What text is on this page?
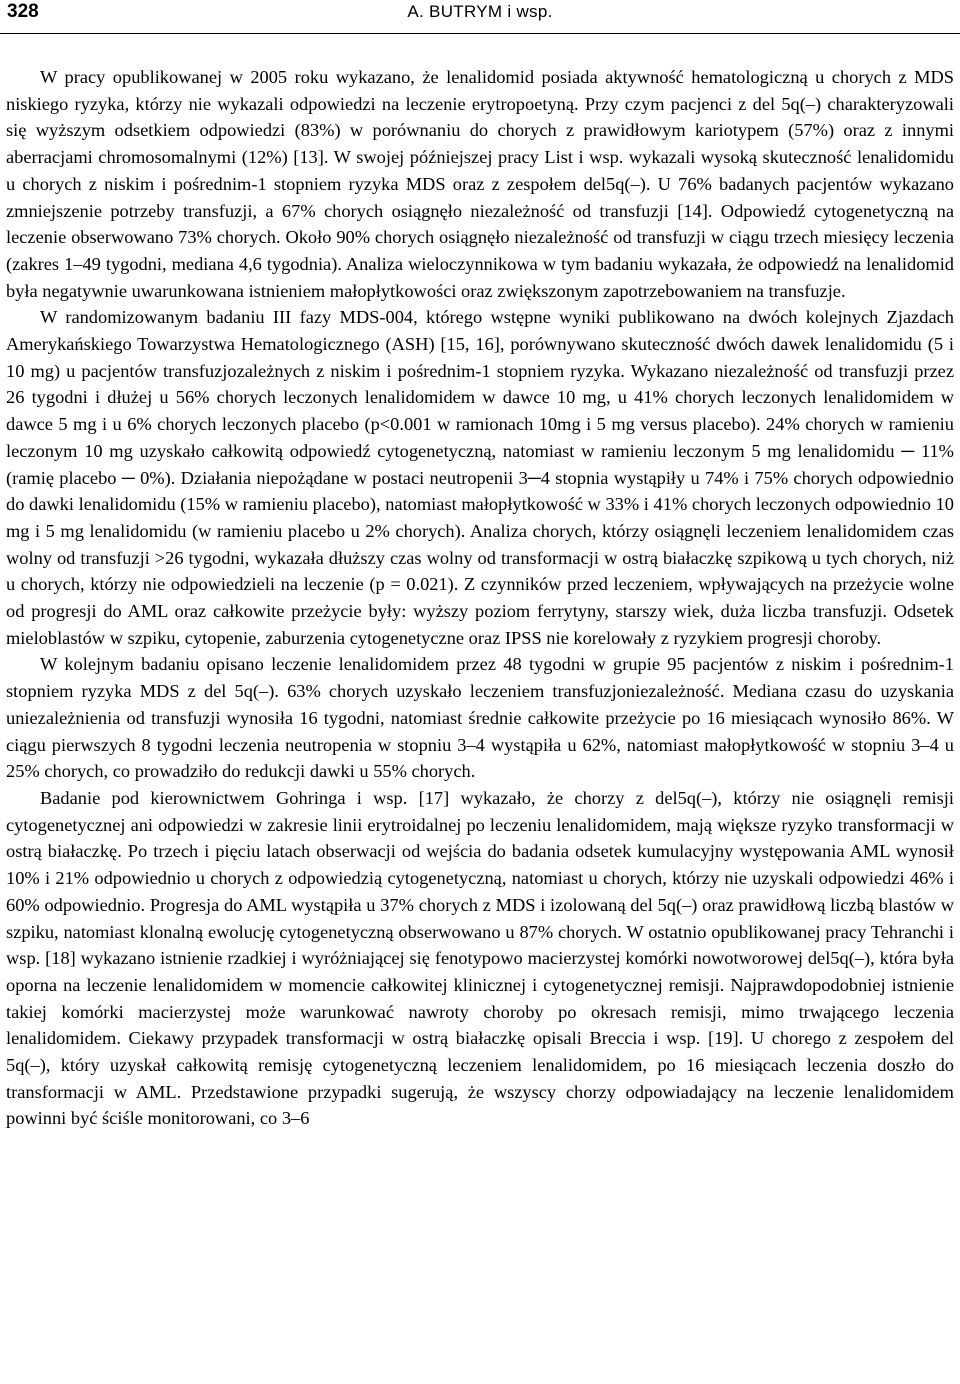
328	A. BUTRYM i wsp.

W pracy opublikowanej w 2005 roku wykazano, że lenalidomid posiada aktywność hematologiczną u chorych z MDS niskiego ryzyka, którzy nie wykazali odpowiedzi na leczenie erytropoetyną. Przy czym pacjenci z del 5q(–) charakteryzowali się wyższym odsetkiem odpowiedzi (83%) w porównaniu do chorych z prawidłowym kariotypem (57%) oraz z innymi aberracjami chromosomalnymi (12%) [13]. W swojej późniejszej pracy List i wsp. wykazali wysoką skuteczność lenalidomidu u chorych z niskim i pośrednim-1 stopniem ryzyka MDS oraz z zespołem del5q(–). U 76% badanych pacjentów wykazano zmniejszenie potrzeby transfuzji, a 67% chorych osiągnęło niezależność od transfuzji [14]. Odpowiedź cytogenetyczną na leczenie obserwowano 73% chorych. Około 90% chorych osiągnęło niezależność od transfuzji w ciągu trzech miesięcy leczenia (zakres 1–49 tygodni, mediana 4,6 tygodnia). Analiza wieloczynnikowa w tym badaniu wykazała, że odpowiedź na lenalidomid była negatywnie uwarunkowana istnieniem małopłytkowości oraz zwiększonym zapotrzebowaniem na transfuzje.

W randomizowanym badaniu III fazy MDS-004, którego wstępne wyniki publikowano na dwóch kolejnych Zjazdach Amerykańskiego Towarzystwa Hematologicznego (ASH) [15, 16], porównywano skuteczność dwóch dawek lenalidomidu (5 i 10 mg) u pacjentów transfuzjozależnych z niskim i pośrednim-1 stopniem ryzyka. Wykazano niezależność od transfuzji przez 26 tygodni i dłużej u 56% chorych leczonych lenalidomidem w dawce 10 mg, u 41% chorych leczonych lenalidomidem w dawce 5 mg i u 6% chorych leczonych placebo (p<0.001 w ramionach 10mg i 5 mg versus placebo). 24% chorych w ramieniu leczonym 10 mg uzyskało całkowitą odpowiedź cytogenetyczną, natomiast w ramieniu leczonym 5 mg lenalidomidu ─ 11% (ramię placebo ─ 0%). Działania niepożądane w postaci neutropenii 3─4 stopnia wystąpiły u 74% i 75% chorych odpowiednio do dawki lenalidomidu (15% w ramieniu placebo), natomiast małopłytkowość w 33% i 41% chorych leczonych odpowiednio 10 mg i 5 mg lenalidomidu (w ramieniu placebo u 2% chorych). Analiza chorych, którzy osiągnęli leczeniem lenalidomidem czas wolny od transfuzji >26 tygodni, wykazała dłuższy czas wolny od transformacji w ostrą białaczkę szpikową u tych chorych, niż u chorych, którzy nie odpowiedzieli na leczenie (p = 0.021). Z czynników przed leczeniem, wpływających na przeżycie wolne od progresji do AML oraz całkowite przeżycie były: wyższy poziom ferrytyny, starszy wiek, duża liczba transfuzji. Odsetek mieloblastów w szpiku, cytopenie, zaburzenia cytogenetyczne oraz IPSS nie korelowały z ryzykiem progresji choroby.

W kolejnym badaniu opisano leczenie lenalidomidem przez 48 tygodni w grupie 95 pacjentów z niskim i pośrednim-1 stopniem ryzyka MDS z del 5q(–). 63% chorych uzyskało leczeniem transfuzjoniezależność. Mediana czasu do uzyskania uniezależnienia od transfuzji wynosiła 16 tygodni, natomiast średnie całkowite przeżycie po 16 miesiącach wynosiło 86%. W ciągu pierwszych 8 tygodni leczenia neutropenia w stopniu 3–4 wystąpiła u 62%, natomiast małopłytkowość w stopniu 3–4 u 25% chorych, co prowadziło do redukcji dawki u 55% chorych.

Badanie pod kierownictwem Gohringa i wsp. [17] wykazało, że chorzy z del5q(–), którzy nie osiągnęli remisji cytogenetycznej ani odpowiedzi w zakresie linii erytroidalnej po leczeniu lenalidomidem, mają większe ryzyko transformacji w ostrą białaczkę. Po trzech i pięciu latach obserwacji od wejścia do badania odsetek kumulacyjny występowania AML wynosił 10% i 21% odpowiednio u chorych z odpowiedzią cytogenetyczną, natomiast u chorych, którzy nie uzyskali odpowiedzi 46% i 60% odpowiednio. Progresja do AML wystąpiła u 37% chorych z MDS i izolowaną del 5q(–) oraz prawidłową liczbą blastów w szpiku, natomiast klonalną ewolucję cytogenetyczną obserwowano u 87% chorych. W ostatnio opublikowanej pracy Tehranchi i wsp. [18] wykazano istnienie rzadkiej i wyróżniającej się fenotypowo macierzystej komórki nowotworowej del5q(–), która była oporna na leczenie lenalidomidem w momencie całkowitej klinicznej i cytogenetycznej remisji. Najprawdopodobniej istnienie takiej komórki macierzystej może warunkować nawroty choroby po okresach remisji, mimo trwającego leczenia lenalidomidem. Ciekawy przypadek transformacji w ostrą białaczkę opisali Breccia i wsp. [19]. U chorego z zespołem del 5q(–), który uzyskał całkowitą remisję cytogenetyczną leczeniem lenalidomidem, po 16 miesiącach leczenia doszło do transformacji w AML. Przedstawione przypadki sugerują, że wszyscy chorzy odpowiadający na leczenie lenalidomidem powinni być ściśle monitorowani, co 3–6
